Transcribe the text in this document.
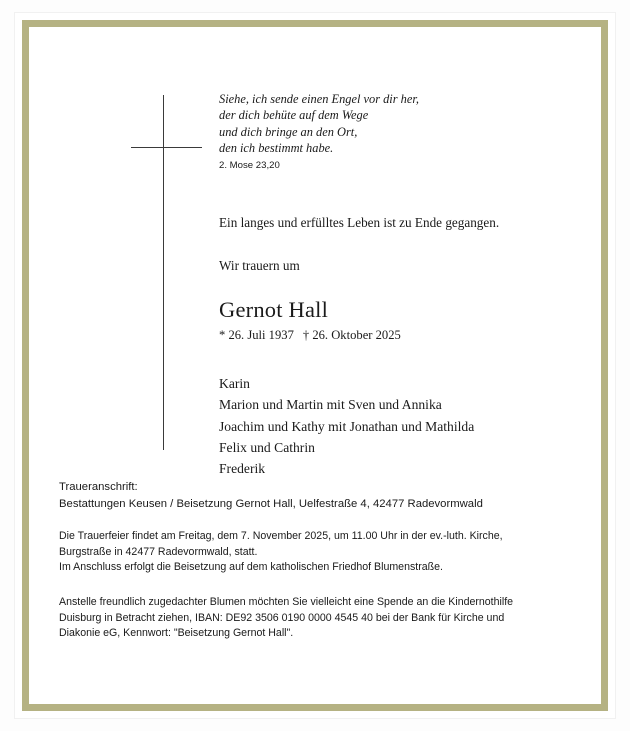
Siehe, ich sende einen Engel vor dir her,
der dich behüte auf dem Wege
und dich bringe an den Ort,
den ich bestimmt habe.
2. Mose 23,20
Ein langes und erfülltes Leben ist zu Ende gegangen.
Wir trauern um
Gernot Hall
* 26. Juli 1937 † 26. Oktober 2025
Karin
Marion und Martin mit Sven und Annika
Joachim und Kathy mit Jonathan und Mathilda
Felix und Cathrin
Frederik
Traueranschrift:
Bestattungen Keusen / Beisetzung Gernot Hall, Uelfestraße 4, 42477 Radevormwald
Die Trauerfeier findet am Freitag, dem 7. November 2025, um 11.00 Uhr in der ev.-luth. Kirche,
Burgstraße in 42477 Radevormwald, statt.
Im Anschluss erfolgt die Beisetzung auf dem katholischen Friedhof Blumenstraße.
Anstelle freundlich zugedachter Blumen möchten Sie vielleicht eine Spende an die Kindernothilfe
Duisburg in Betracht ziehen, IBAN: DE92 3506 0190 0000 4545 40 bei der Bank für Kirche und
Diakonie eG, Kennwort: "Beisetzung Gernot Hall".
